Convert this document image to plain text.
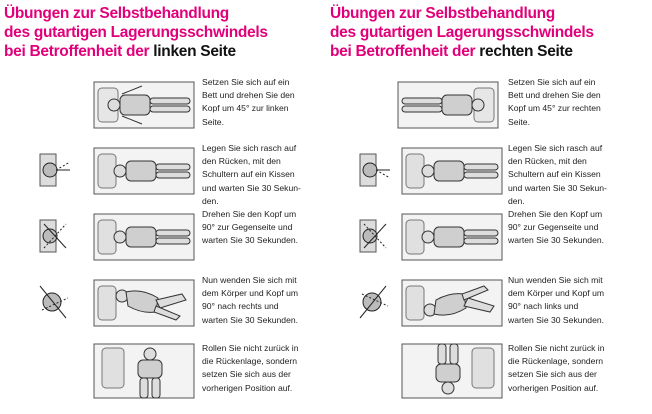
Übungen zur Selbstbehandlung
des gutartigen Lagerungsschwindels
bei Betroffenheit der linken Seite
Setzen Sie sich auf ein
Bett und drehen Sie den
Kopf um 45° zur linken
Seite.
Legen Sie sich rasch auf
den Rücken, mit den
Schultern auf ein Kissen
und warten Sie 30 Sekun-
den.
Drehen Sie den Kopf um
90° zur Gegenseite und
warten Sie 30 Sekunden.
Nun wenden Sie sich mit
dem Körper und Kopf um
90° nach rechts und
warten Sie 30 Sekunden.
Rollen Sie nicht zurück in
die Rückenlage, sondern
setzen Sie sich aus der
vorherigen Position auf.
Übungen zur Selbstbehandlung
des gutartigen Lagerungsschwindels
bei Betroffenheit der rechten Seite
Setzen Sie sich auf ein
Bett und drehen Sie den
Kopf um 45° zur rechten
Seite.
Legen Sie sich rasch auf
den Rücken, mit den
Schultern auf ein Kissen
und warten Sie 30 Sekun-
den.
Drehen Sie den Kopf um
90° zur Gegenseite und
warten Sie 30 Sekunden.
Nun wenden Sie sich mit
dem Körper und Kopf um
90° nach links und
warten Sie 30 Sekunden.
Rollen Sie nicht zurück in
die Rückenlage, sondern
setzen Sie sich aus der
vorherigen Position auf.
